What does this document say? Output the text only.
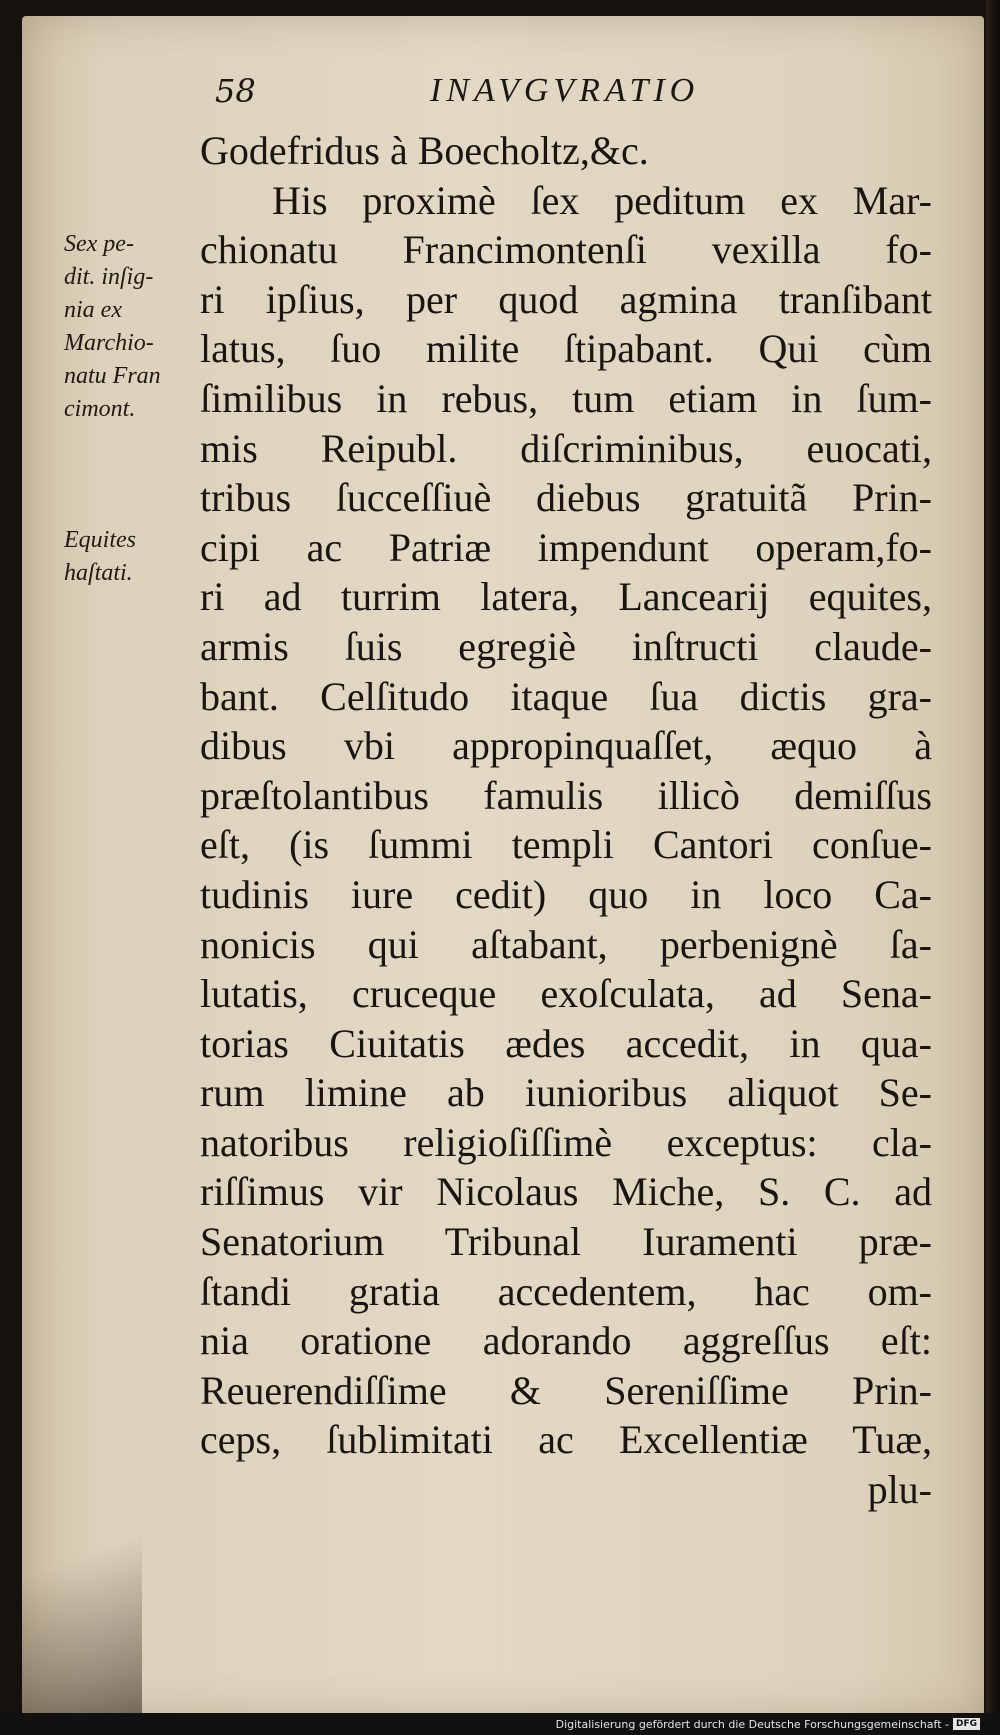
58	INAVGVRATIO
Godefridus à Boecholtz,&c.
His proximè ſex peditum ex Mar-
chionatu Francimontenſi vexilla fo-
ri ipſius, per quod agmina tranſibant
latus, ſuo milite ſtipabant. Qui cùm
ſimilibus in rebus, tum etiam in ſum-
mis Reipubl. diſcriminibus, euocati,
tribus ſucceſſiuè diebus gratuitã Prin-
cipi ac Patriæ impendunt operam,fo-
ri ad turrim latera, Lancearij equites,
armis ſuis egregiè inſtructi claude-
bant. Celſitudo itaque ſua dictis gra-
dibus vbi appropinquaſſet, æquo à
præſtolantibus famulis illicò demiſſus
eſt, (is ſummi templi Cantori conſue-
tudinis iure cedit) quo in loco Ca-
nonicis qui aſtabant, perbenignè ſa-
lutatis, cruceque exoſculata, ad Sena-
torias Ciuitatis ædes accedit, in qua-
rum limine ab iunioribus aliquot Se-
natoribus religioſiſſimè exceptus: cla-
riſſimus vir Nicolaus Miche, S. C. ad
Senatorium Tribunal Iuramenti præ-
ſtandi gratia accedentem, hac om-
nia oratione adorando aggreſſus eſt:
Reuerendiſſime & Sereniſſime Prin-
ceps, ſublimitati ac Excellentiæ Tuæ,
plu-
Sex pe-
dit. inſig-
nia ex
Marchio-
natu Fran
cimont.
Equites
haſtati.
Digitalisierung gefördert durch die Deutsche Forschungsgemeinschaft - DFG
